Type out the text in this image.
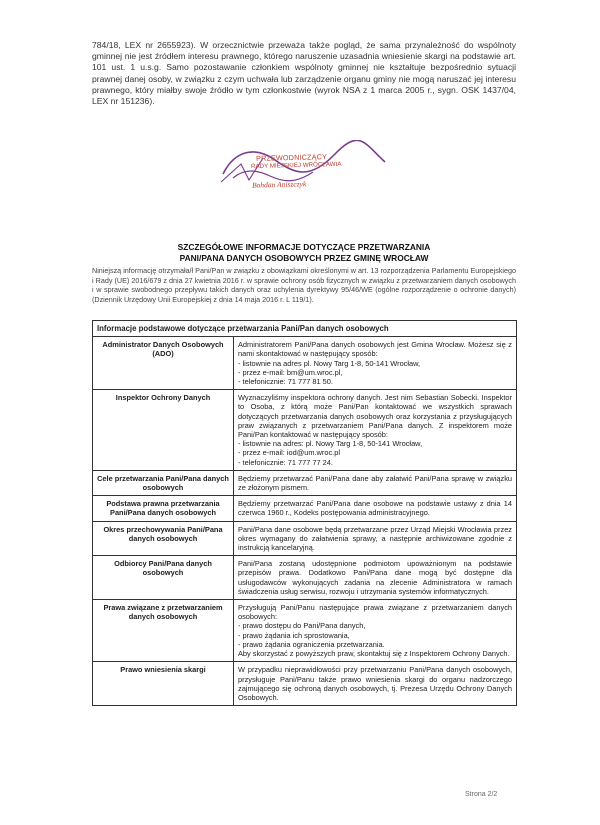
784/18, LEX nr 2655923). W orzecznictwie przeważa także pogląd, że sama przynależność do wspólnoty gminnej nie jest źródłem interesu prawnego, którego naruszenie uzasadnia wniesienie skargi na podstawie art. 101 ust. 1 u.s.g. Samo pozostawanie członkiem wspólnoty gminnej nie kształtuje bezpośrednio sytuacji prawnej danej osoby, w związku z czym uchwała lub zarządzenie organu gminy nie mogą naruszać jej interesu prawnego, który miałby swoje źródło w tym członkostwie (wyrok NSA z 1 marca 2005 r., sygn. OSK 1437/04, LEX nr 151236).
PRZEWODNICZĄCY
RADY MIEJSKIEJ WROCŁAWIA
Bohdan Aniszczyk
SZCZEGÓŁOWE INFORMACJE DOTYCZĄCE PRZETWARZANIA
PANI/PANA DANYCH OSOBOWYCH PRZEZ GMINĘ WROCŁAW
Niniejszą informację otrzymała/ł Pani/Pan w związku z obowiązkami określonymi w art. 13 rozporządzenia Parlamentu Europejskiego i Rady (UE) 2016/679 z dnia 27 kwietnia 2016 r. w sprawie ochrony osób fizycznych w związku z przetwarzaniem danych osobowych i w sprawie swobodnego przepływu takich danych oraz uchylenia dyrektywy 95/46/WE (ogólne rozporządzenie o ochronie danych) (Dziennik Urzędowy Unii Europejskiej z dnia 14 maja 2016 r. L 119/1).
Informacje podstawowe dotyczące przetwarzania Pani/Pan danych osobowych	
Administrator Danych Osobowych (ADO)	Administratorem Pani/Pana danych osobowych jest Gmina Wrocław. Możesz się z nami skontaktować w następujący sposób:
- listownie na adres pl. Nowy Targ 1-8, 50-141 Wrocław,
- przez e-mail: bm@um.wroc.pl,
- telefonicznie: 71 777 81 50.

Inspektor Ochrony Danych	Wyznaczyliśmy inspektora ochrony danych. Jest nim Sebastian Sobecki. Inspektor to Osoba, z którą może Pani/Pan kontaktować we wszystkich sprawach dotyczących przetwarzania danych osobowych oraz korzystania z przysługujących praw związanych z przetwarzaniem Pani/Pana danych. Z inspektorem może Pani/Pan kontaktować w następujący sposób:
- listownie na adres: pl. Nowy Targ 1-8, 50-141 Wrocław,
- przez e-mail: iod@um.wroc.pl
- telefonicznie: 71 777 77 24.

Cele przetwarzania Pani/Pana danych osobowych	Będziemy przetwarzać Pani/Pana dane aby załatwić Pani/Pana sprawę w związku ze złożonym pismem.

Podstawa prawna przetwarzania Pani/Pana danych osobowych	Będziemy przetwarzać Pani/Pana dane osobowe na podstawie ustawy z dnia 14 czerwca 1960 r., Kodeks postępowania administracyjnego.

Okres przechowywania Pani/Pana danych osobowych	Pani/Pana dane osobowe będą przetwarzane przez Urząd Miejski Wrocławia przez okres wymagany do załatwienia sprawy, a następnie archiwizowane zgodnie z instrukcją kancelaryjną.

Odbiorcy Pani/Pana danych osobowych	Pani/Pana zostaną udostępnione podmiotom upoważnionym na podstawie przepisów prawa. Dodatkowo Pani/Pana dane mogą być dostępne dla usługodawców wykonujących zadania na zlecenie Administratora w ramach świadczenia usług serwisu, rozwoju i utrzymania systemów informatycznych.

Prawa związane z przetwarzaniem danych osobowych	Przysługują Pani/Panu następujące prawa związane z przetwarzaniem danych osobowych:
- prawo dostępu do Pani/Pana danych,
- prawo żądania ich sprostowania,
- prawo żądania ograniczenia przetwarzania.
Aby skorzystać z powyższych praw, skontaktuj się z Inspektorem Ochrony Danych.

Prawo wniesienia skargi	W przypadku nieprawidłowości przy przetwarzaniu Pani/Pana danych osobowych, przysługuje Pani/Panu także prawo wniesienia skargi do organu nadzorczego zajmującego się ochroną danych osobowych, tj. Prezesa Urzędu Ochrony Danych Osobowych.
Strona 2/2
